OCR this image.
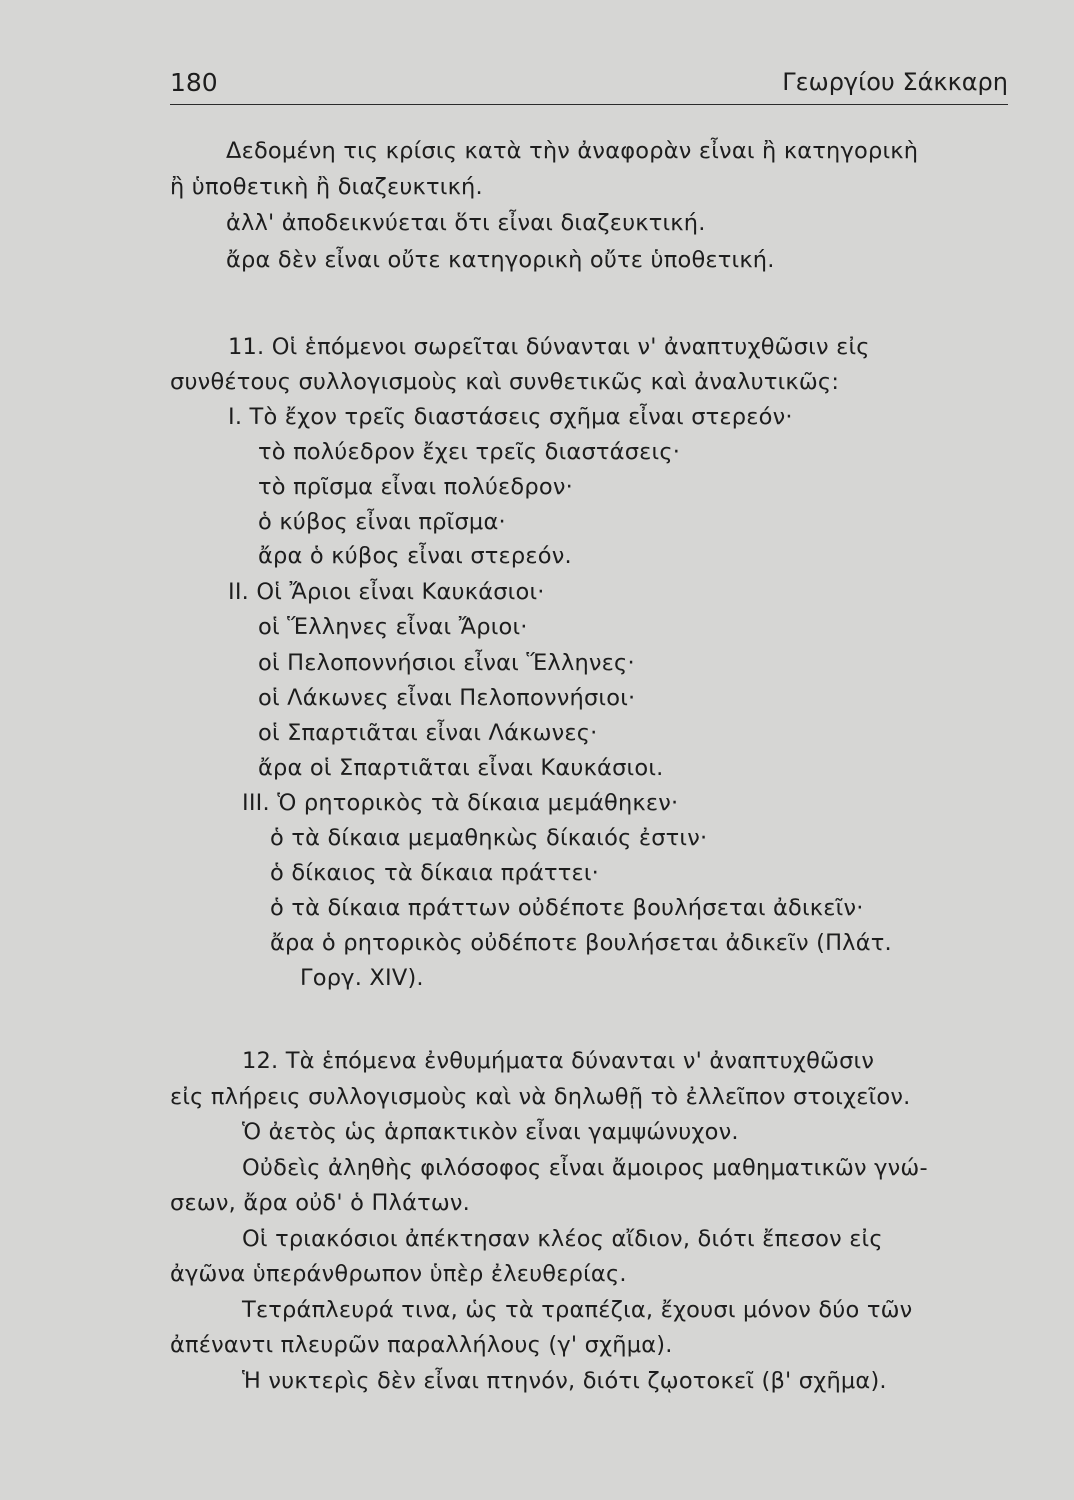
180	Γεωργίου Σάκκαρη
Δεδομένη τις κρίσις κατὰ τὴν ἀναφορὰν εἶναι ἢ κατηγορικὴ
ἢ ὑποθετικὴ ἢ διαζευκτική.
ἀλλ' ἀποδεικνύεται ὅτι εἶναι διαζευκτική.
ἄρα δὲν εἶναι οὔτε κατηγορικὴ οὔτε ὑποθετική.
11. Οἱ ἑπόμενοι σωρεῖται δύνανται ν' ἀναπτυχθῶσιν εἰς
συνθέτους συλλογισμοὺς καὶ συνθετικῶς καὶ ἀναλυτικῶς:
I. Τὸ ἔχον τρεῖς διαστάσεις σχῆμα εἶναι στερεόν·
τὸ πολύεδρον ἔχει τρεῖς διαστάσεις·
τὸ πρῖσμα εἶναι πολύεδρον·
ὁ κύβος εἶναι πρῖσμα·
ἄρα ὁ κύβος εἶναι στερεόν.
II. Οἱ Ἄριοι εἶναι Καυκάσιοι·
οἱ Ἕλληνες εἶναι Ἄριοι·
οἱ Πελοποννήσιοι εἶναι Ἕλληνες·
οἱ Λάκωνες εἶναι Πελοποννήσιοι·
οἱ Σπαρτιᾶται εἶναι Λάκωνες·
ἄρα οἱ Σπαρτιᾶται εἶναι Καυκάσιοι.
III. Ὁ ρητορικὸς τὰ δίκαια μεμάθηκεν·
ὁ τὰ δίκαια μεμαθηκὼς δίκαιός ἐστιν·
ὁ δίκαιος τὰ δίκαια πράττει·
ὁ τὰ δίκαια πράττων οὐδέποτε βουλήσεται ἀδικεῖν·
ἄρα ὁ ρητορικὸς οὐδέποτε βουλήσεται ἀδικεῖν (Πλάτ.
Γοργ. XIV).
12. Τὰ ἑπόμενα ἐνθυμήματα δύνανται ν' ἀναπτυχθῶσιν
εἰς πλήρεις συλλογισμοὺς καὶ νὰ δηλωθῇ τὸ ἐλλεῖπον στοιχεῖον.
Ὁ ἀετὸς ὡς ἁρπακτικὸν εἶναι γαμψώνυχον.
Οὐδεὶς ἀληθὴς φιλόσοφος εἶναι ἄμοιρος μαθηματικῶν γνώ-
σεων, ἄρα οὐδ' ὁ Πλάτων.
Οἱ τριακόσιοι ἀπέκτησαν κλέος αἴδιον, διότι ἔπεσον εἰς
ἀγῶνα ὑπεράνθρωπον ὑπὲρ ἐλευθερίας.
Τετράπλευρά τινα, ὡς τὰ τραπέζια, ἔχουσι μόνον δύο τῶν
ἀπέναντι πλευρῶν παραλλήλους (γ' σχῆμα).
Ἡ νυκτερὶς δὲν εἶναι πτηνόν, διότι ζῳοτοκεῖ (β' σχῆμα).
